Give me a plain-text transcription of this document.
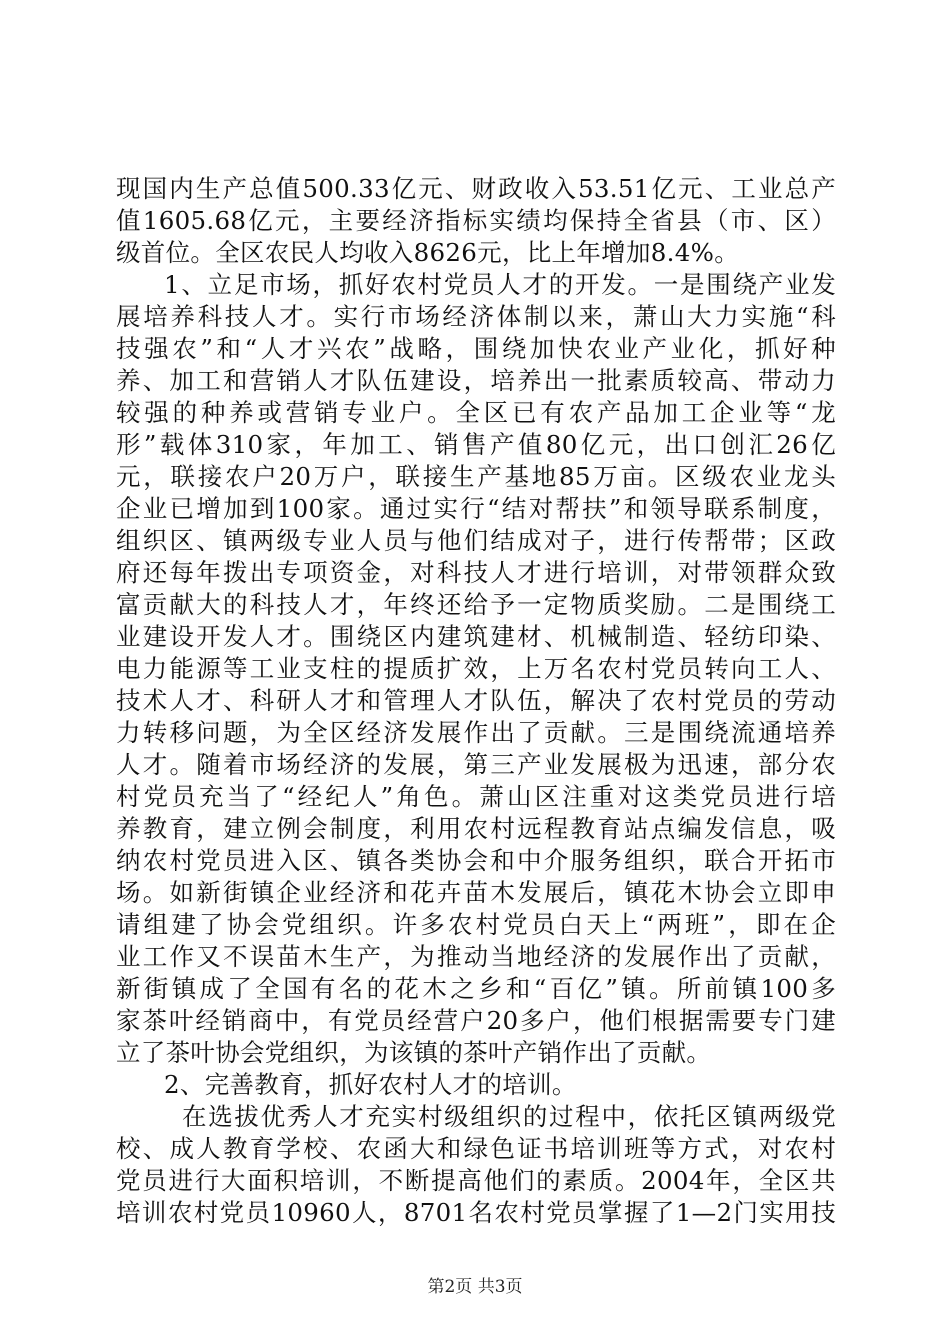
现国内生产总值500.33亿元、财政收入53.51亿元、工业总产
值1605.68亿元，主要经济指标实绩均保持全省县（市、区）
级首位。全区农民人均收入8626元，比上年增加8.4%。
1、立足市场，抓好农村党员人才的开发。一是围绕产业发
展培养科技人才。实行市场经济体制以来，萧山大力实施“科
技强农”和“人才兴农”战略，围绕加快农业产业化，抓好种
养、加工和营销人才队伍建设，培养出一批素质较高、带动力
较强的种养或营销专业户。全区已有农产品加工企业等“龙
形”载体310家，年加工、销售产值80亿元，出口创汇26亿
元，联接农户20万户，联接生产基地85万亩。区级农业龙头
企业已增加到100家。通过实行“结对帮扶”和领导联系制度，
组织区、镇两级专业人员与他们结成对子，进行传帮带；区政
府还每年拨出专项资金，对科技人才进行培训，对带领群众致
富贡献大的科技人才，年终还给予一定物质奖励。二是围绕工
业建设开发人才。围绕区内建筑建材、机械制造、轻纺印染、
电力能源等工业支柱的提质扩效，上万名农村党员转向工人、
技术人才、科研人才和管理人才队伍，解决了农村党员的劳动
力转移问题，为全区经济发展作出了贡献。三是围绕流通培养
人才。随着市场经济的发展，第三产业发展极为迅速，部分农
村党员充当了“经纪人”角色。萧山区注重对这类党员进行培
养教育，建立例会制度，利用农村远程教育站点编发信息，吸
纳农村党员进入区、镇各类协会和中介服务组织，联合开拓市
场。如新街镇企业经济和花卉苗木发展后，镇花木协会立即申
请组建了协会党组织。许多农村党员白天上“两班”，即在企
业工作又不误苗木生产，为推动当地经济的发展作出了贡献，
新街镇成了全国有名的花木之乡和“百亿”镇。所前镇100多
家茶叶经销商中，有党员经营户20多户，他们根据需要专门建
立了茶叶协会党组织，为该镇的茶叶产销作出了贡献。
2、完善教育，抓好农村人才的培训。
在选拔优秀人才充实村级组织的过程中，依托区镇两级党
校、成人教育学校、农函大和绿色证书培训班等方式，对农村
党员进行大面积培训，不断提高他们的素质。2004年，全区共
培训农村党员10960人，8701名农村党员掌握了1—2门实用技
第2页 共3页
